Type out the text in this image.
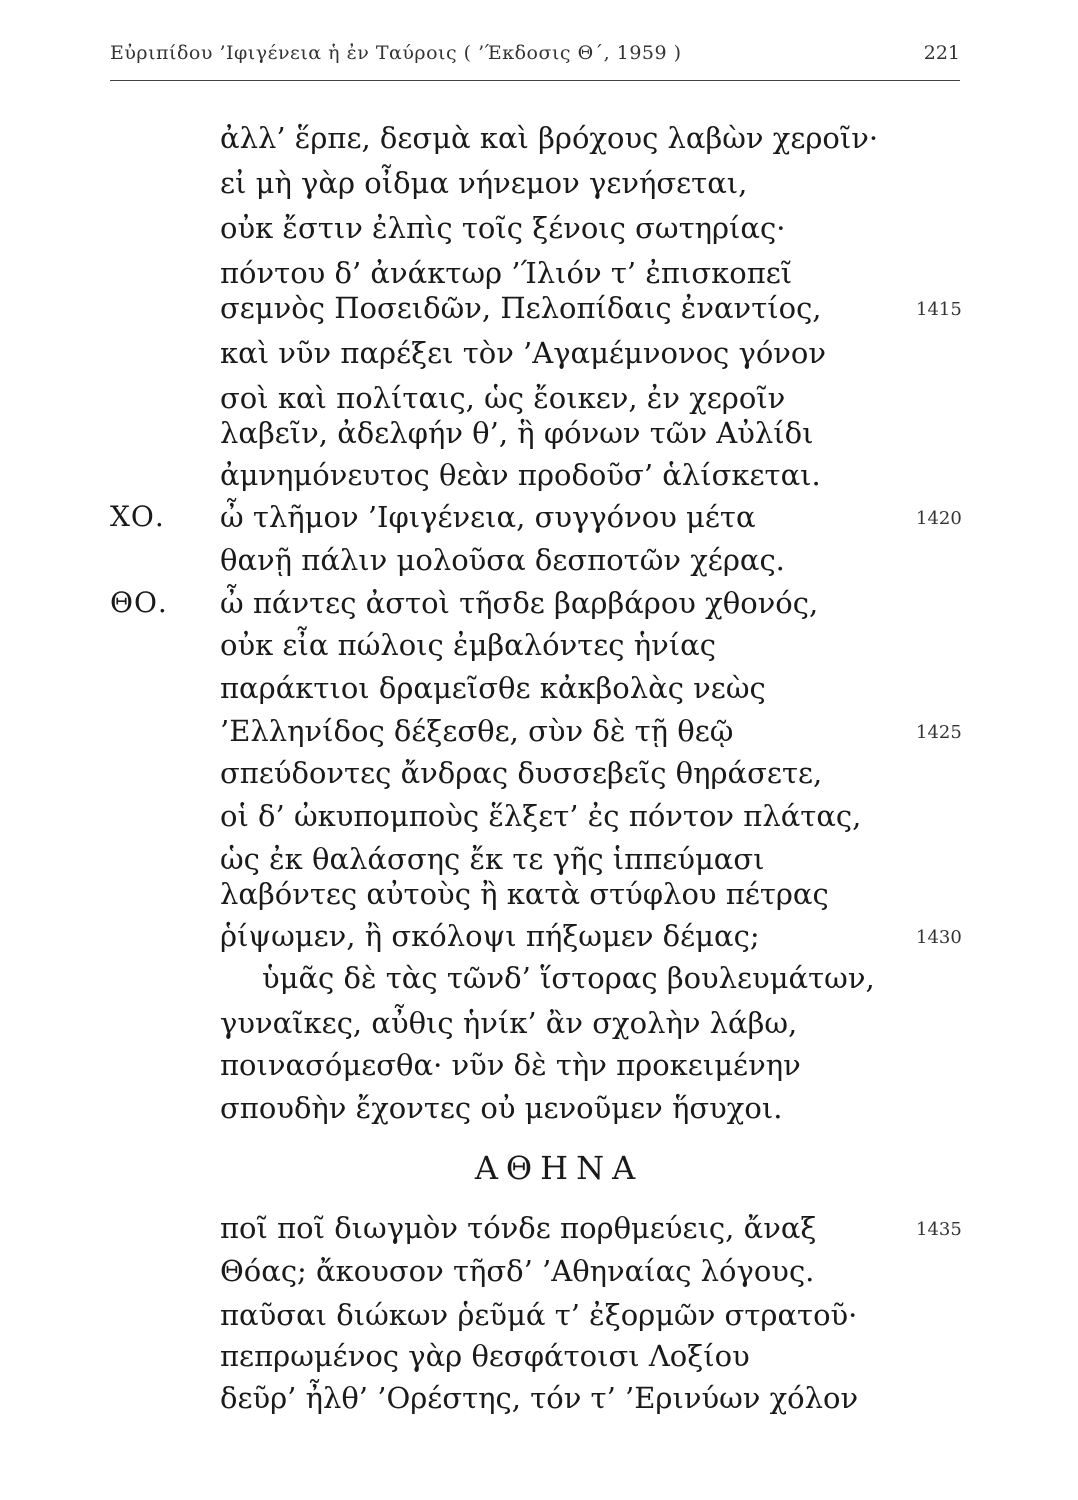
Εὐριπίδου ’Ιφιγένεια ἡ ἐν Ταύροις ( ’Έκδοσις Θ΄, 1959 )	221
ἀλλ’ ἕρπε, δεσμὰ καὶ βρόχους λαβὼν χεροῖν·
εἰ μὴ γὰρ οἶδμα νήνεμον γενήσεται,
οὐκ ἔστιν ἐλπὶς τοῖς ξένοις σωτηρίας·
πόντου δ’ ἀνάκτωρ ’Ίλιόν τ’ ἐπισκοπεῖ
σεμνὸς Ποσειδῶν, Πελοπίδαις ἐναντίος,	1415
καὶ νῦν παρέξει τὸν ’Αγαμέμνονος γόνον
σοὶ καὶ πολίταις, ὡς ἔοικεν, ἐν χεροῖν
λαβεῖν, ἀδελφήν θ’, ἣ φόνων τῶν Αὐλίδι
ἀμνημόνευτος θεὰν προδοῦσ’ ἁλίσκεται.
ΧΟ. ὦ τλῆμον ’Ιφιγένεια, συγγόνου μέτα	1420
θανῇ πάλιν μολοῦσα δεσποτῶν χέρας.
ΘΟ. ὦ πάντες ἀστοὶ τῆσδε βαρβάρου χθονός,
οὐκ εἶα πώλοις ἐμβαλόντες ἡνίας
παράκτιοι δραμεῖσθε κἀκβολὰς νεὼς
’Ελληνίδος δέξεσθε, σὺν δὲ τῇ θεῷ	1425
σπεύδοντες ἄνδρας δυσσεβεῖς θηράσετε,
οἱ δ’ ὠκυπομποὺς ἕλξετ’ ἐς πόντον πλάτας,
ὡς ἐκ θαλάσσης ἔκ τε γῆς ἱππεύμασι
λαβόντες αὐτοὺς ἢ κατὰ στύφλου πέτρας
ῥίψωμεν, ἢ σκόλοψι πήξωμεν δέμας;	1430
ὑμᾶς δὲ τὰς τῶνδ’ ἵστορας βουλευμάτων,
γυναῖκες, αὖθις ἡνίκ’ ἂν σχολὴν λάβω,
ποινασόμεσθα· νῦν δὲ τὴν προκειμένην
σπουδὴν ἔχοντες οὐ μενοῦμεν ἥσυχοι.
ΑΘΗΝΑ
ποῖ ποῖ διωγμὸν τόνδε πορθμεύεις, ἄναξ	1435
Θόας; ἄκουσον τῆσδ’ ’Αθηναίας λόγους.
παῦσαι διώκων ῥεῦμά τ’ ἐξορμῶν στρατοῦ·
πεπρωμένος γὰρ θεσφάτοισι Λοξίου
δεῦρ’ ἦλθ’ ’Ορέστης, τόν τ’ ’Ερινύων χόλον
